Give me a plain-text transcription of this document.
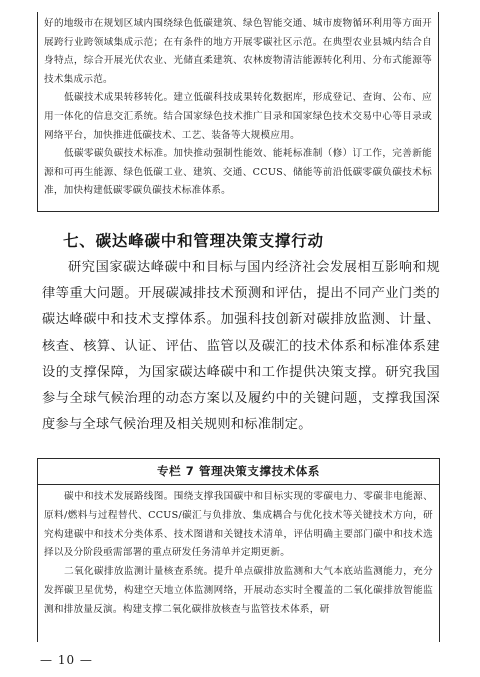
好的地级市在规划区域内围绕绿色低碳建筑、绿色智能交通、城市废物循环利用等方面开展跨行业跨领域集成示范；在有条件的地方开展零碳社区示范。在典型农业县城内结合自身特点，综合开展光伏农业、光储直柔建筑、农林废物清洁能源转化利用、分布式能源等技术集成示范。

低碳技术成果转移转化。建立低碳科技成果转化数据库，形成登记、查询、公布、应用一体化的信息交汇系统。结合国家绿色技术推广目录和国家绿色技术交易中心等目录或网络平台，加快推进低碳技术、工艺、装备等大规模应用。

低碳零碳负碳技术标准。加快推动强制性能效、能耗标准制（修）订工作，完善新能源和可再生能源、绿色低碳工业、建筑、交通、CCUS、储能等前沿低碳零碳负碳技术标准，加快构建低碳零碳负碳技术标准体系。

七、碳达峰碳中和管理决策支撑行动

研究国家碳达峰碳中和目标与国内经济社会发展相互影响和规律等重大问题。开展碳减排技术预测和评估，提出不同产业门类的碳达峰碳中和技术支撑体系。加强科技创新对碳排放监测、计量、核查、核算、认证、评估、监管以及碳汇的技术体系和标准体系建设的支撑保障，为国家碳达峰碳中和工作提供决策支撑。研究我国参与全球气候治理的动态方案以及履约中的关键问题，支撑我国深度参与全球气候治理及相关规则和标准制定。

专栏 7 管理决策支撑技术体系

碳中和技术发展路线图。围绕支撑我国碳中和目标实现的零碳电力、零碳非电能源、原料/燃料与过程替代、CCUS/碳汇与负排放、集成耦合与优化技术等关键技术方向，研究构建碳中和技术分类体系、技术图谱和关键技术清单，评估明确主要部门碳中和技术选择以及分阶段亟需部署的重点研发任务清单并定期更新。

二氧化碳排放监测计量核查系统。提升单点碳排放监测和大气本底站监测能力，充分发挥碳卫星优势，构建空天地立体监测网络，开展动态实时全覆盖的二氧化碳排放智能监测和排放量反演。构建支撑二氧化碳排放核查与监管技术体系，研

— 10 —
